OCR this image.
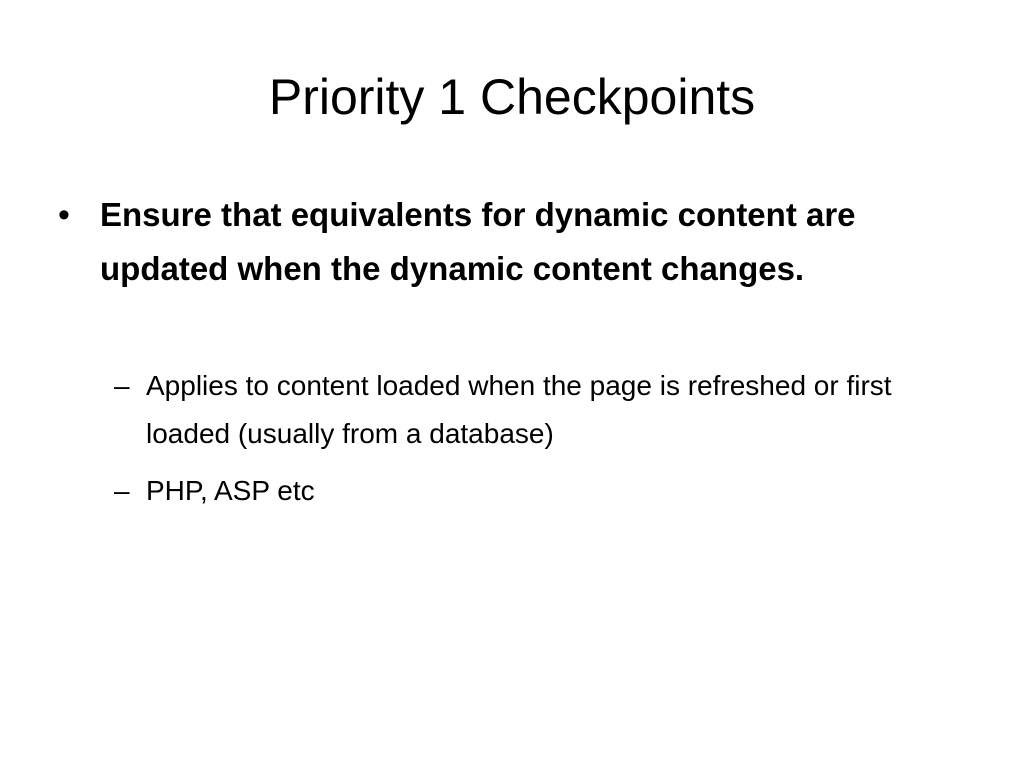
Priority 1 Checkpoints
• Ensure that equivalents for dynamic content are updated when the dynamic content changes.
– Applies to content loaded when the page is refreshed or first loaded (usually from a database)
– PHP, ASP etc
